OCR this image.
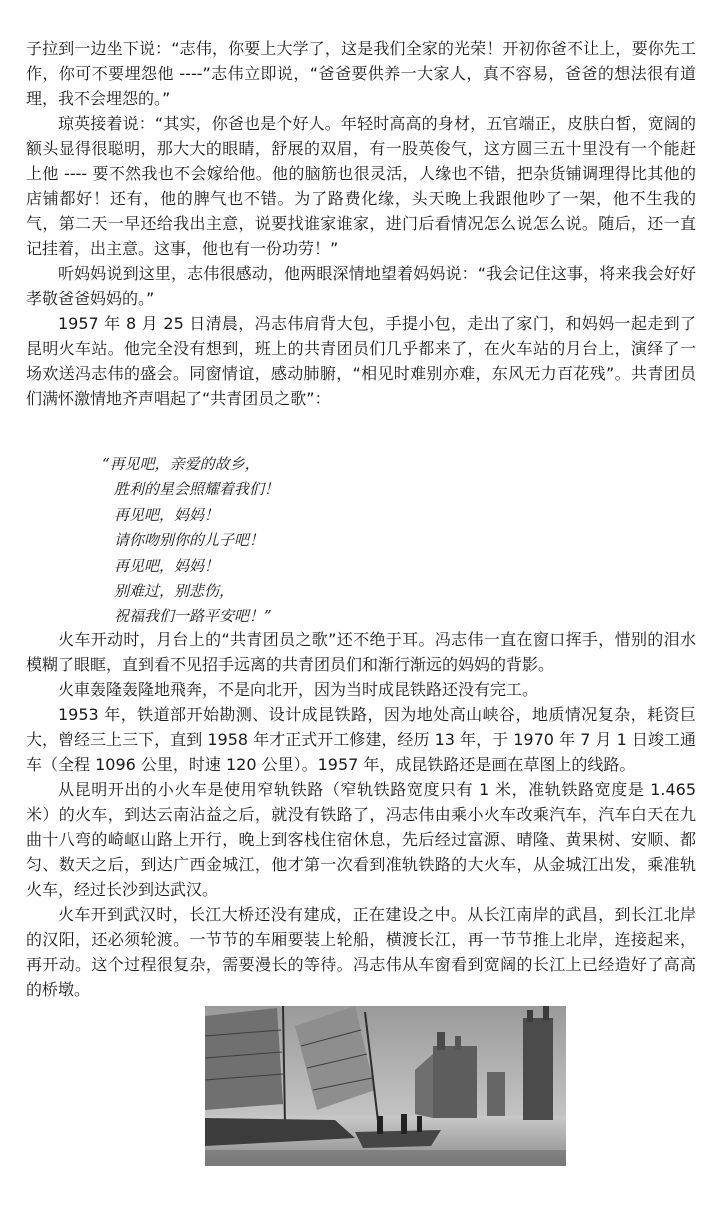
子拉到一边坐下说：“志伟，你要上大学了，这是我们全家的光荣！开初你爸不让上，要你先工作，你可不要埋怨他 ----”志伟立即说，“爸爸要供养一大家人，真不容易，爸爸的想法很有道理，我不会埋怨的。”

琼英接着说：“其实，你爸也是个好人。年轻时高高的身材，五官端正，皮肤白皙，宽阔的额头显得很聪明，那大大的眼睛，舒展的双眉，有一股英俊气，这方圆三五十里没有一个能赶上他 ---- 要不然我也不会嫁给他。他的脑筋也很灵活，人缘也不错，把杂货铺调理得比其他的店铺都好！还有，他的脾气也不错。为了路费化缘，头天晚上我跟他吵了一架，他不生我的气，第二天一早还给我出主意，说要找谁家谁家，进门后看情况怎么说怎么说。随后，还一直记挂着，出主意。这事，他也有一份功劳！”

听妈妈说到这里，志伟很感动，他两眼深情地望着妈妈说：“我会记住这事，将来我会好好孝敬爸爸妈妈的。”

1957 年 8 月 25 日清晨，冯志伟肩背大包，手提小包，走出了家门，和妈妈一起走到了昆明火车站。他完全没有想到，班上的共青团员们几乎都来了，在火车站的月台上，演绎了一场欢送冯志伟的盛会。同窗情谊，感动肺腑，“相见时难别亦难，东风无力百花残”。共青团员们满怀激情地齐声唱起了“共青团员之歌”：

“再见吧，亲爱的故乡，

胜利的星会照耀着我们！

再见吧，妈妈！

请你吻别你的儿子吧！

再见吧，妈妈！

别难过，别悲伤，

祝福我们一路平安吧！”

火车开动时，月台上的“共青团员之歌”还不绝于耳。冯志伟一直在窗口挥手，惜别的泪水模糊了眼眶，直到看不见招手远离的共青团员们和渐行渐远的妈妈的背影。

火車轰隆轰隆地飛奔，不是向北开，因为当时成昆铁路还没有完工。

1953 年，铁道部开始勘测、设计成昆铁路，因为地处高山峡谷，地质情况复杂，耗资巨大，曾经三上三下，直到 1958 年才正式开工修建，经历 13 年，于 1970 年 7 月 1 日竣工通车（全程 1096 公里，时速 120 公里）。1957 年，成昆铁路还是画在草图上的线路。

从昆明开出的小火车是使用窄轨铁路（窄轨铁路宽度只有 1 米，准轨铁路宽度是 1.465 米）的火车，到达云南沾益之后，就没有铁路了，冯志伟由乘小火车改乘汽车，汽车白天在九曲十八弯的崎岖山路上开行，晚上到客栈住宿休息，先后经过富源、晴隆、黄果树、安顺、都匀、数天之后，到达广西金城江，他才第一次看到准轨铁路的大火车，从金城江出发，乘准轨火车，经过长沙到达武汉。

火车开到武汉时，长江大桥还没有建成，正在建设之中。从长江南岸的武昌，到长江北岸的汉阳，还必须轮渡。一节节的车厢要装上轮船，横渡长江，再一节节推上北岸，连接起来，再开动。这个过程很复杂，需要漫长的等待。冯志伟从车窗看到宽阔的长江上已经造好了高高的桥墩。
